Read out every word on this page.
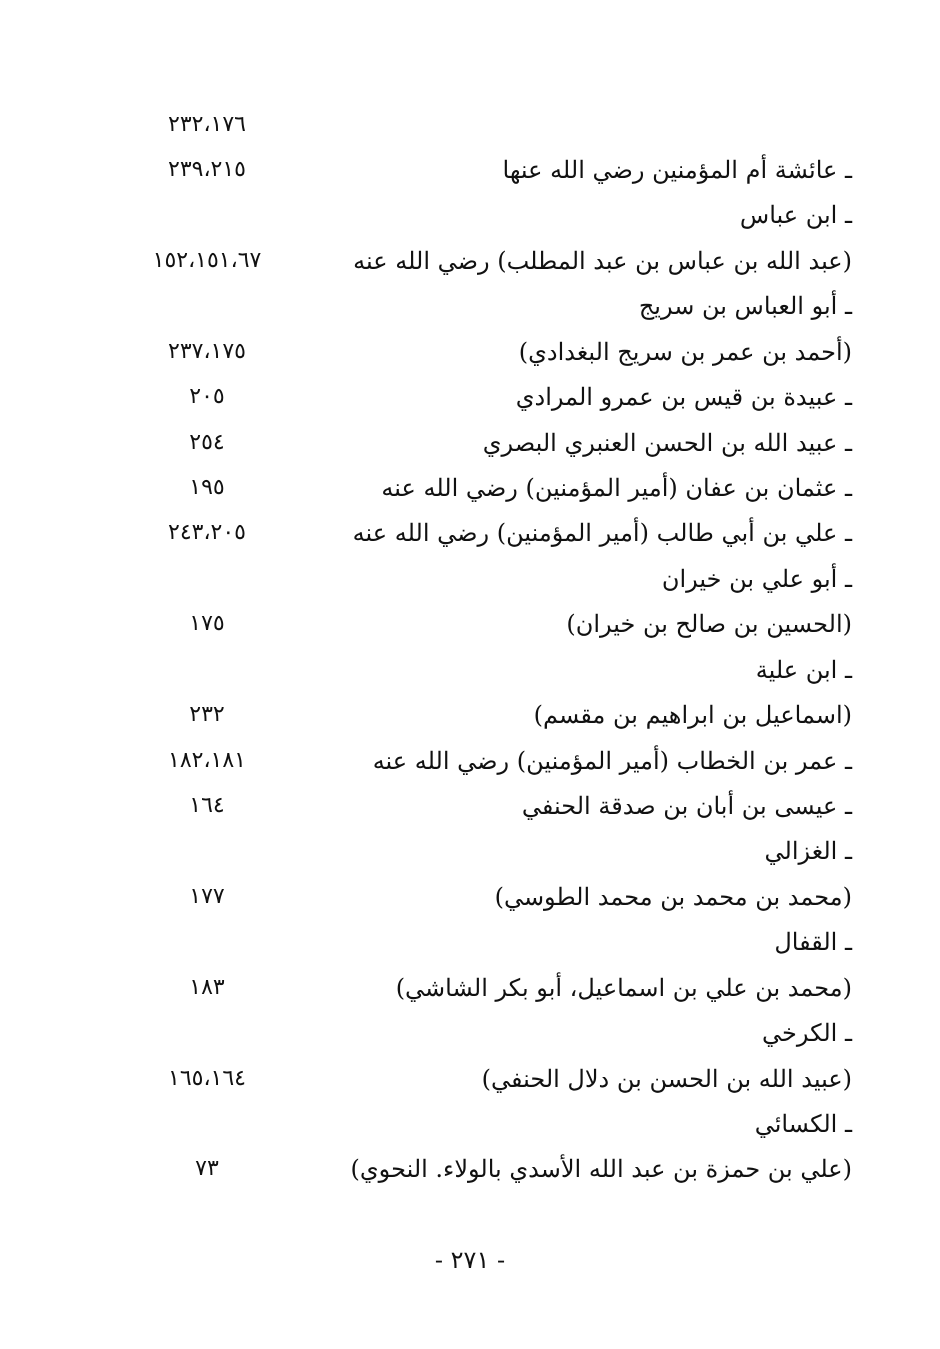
٢٣٢،١٧٦
ـ عائشة أم المؤمنين رضي الله عنها
٢٣٩،٢١٥
ـ ابن عباس
(عبد الله بن عباس بن عبد المطلب) رضي الله عنه
١٥٢،١٥١،٦٧
ـ أبو العباس بن سريج
(أحمد بن عمر بن سريج البغدادي)
٢٣٧،١٧٥
ـ عبيدة بن قيس بن عمرو المرادي
٢٠٥
ـ عبيد الله بن الحسن العنبري البصري
٢٥٤
ـ عثمان بن عفان (أمير المؤمنين) رضي الله عنه
١٩٥
ـ علي بن أبي طالب (أمير المؤمنين) رضي الله عنه
٢٤٣،٢٠٥
ـ أبو علي بن خيران
(الحسين بن صالح بن خيران)
١٧٥
ـ ابن علية
(اسماعيل بن ابراهيم بن مقسم)
٢٣٢
ـ عمر بن الخطاب (أمير المؤمنين) رضي الله عنه
١٨٢،١٨١
ـ عيسى بن أبان بن صدقة الحنفي
١٦٤
ـ الغزالي
(محمد بن محمد بن محمد الطوسي)
١٧٧
ـ القفال
(محمد بن علي بن اسماعيل، أبو بكر الشاشي)
١٨٣
ـ الكرخي
(عبيد الله بن الحسن بن دلال الحنفي)
١٦٥،١٦٤
ـ الكسائي
(علي بن حمزة بن عبد الله الأسدي بالولاء. النحوي)
٧٣
- ٢٧١ -
